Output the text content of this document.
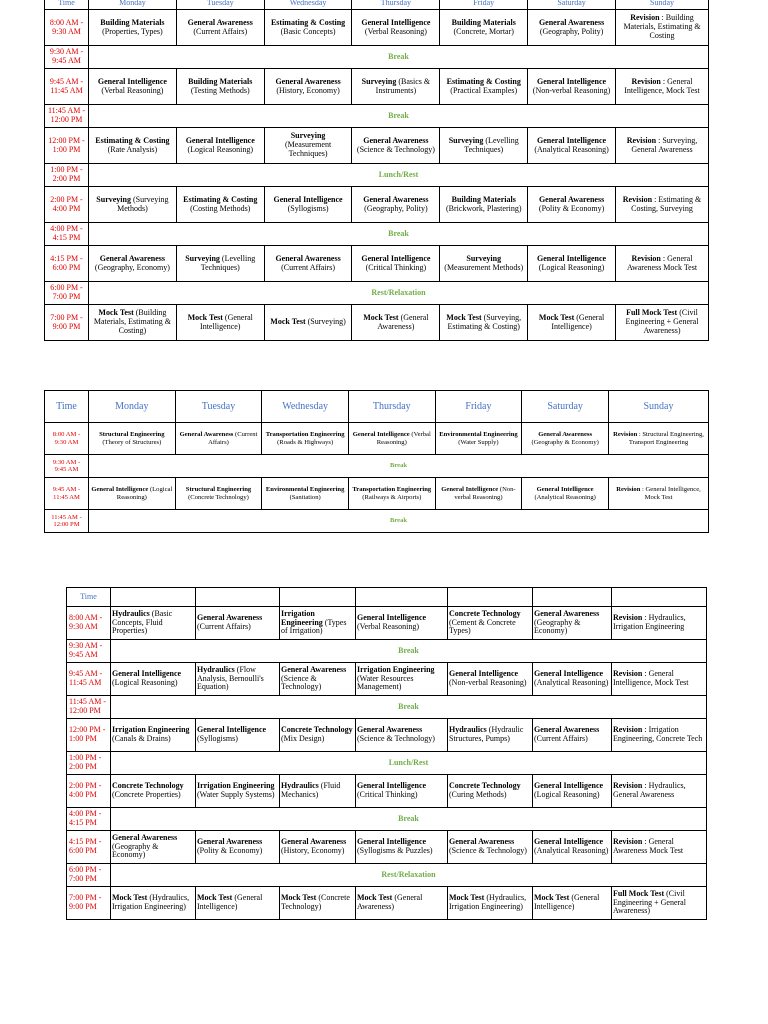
Time	Monday	Tuesday	Wednesday	Thursday	Friday	Saturday	Sunday
8:00 AM - 9:30 AM	Building Materials (Properties, Types)	General Awareness (Current Affairs)	Estimating & Costing (Basic Concepts)	General Intelligence (Verbal Reasoning)	Building Materials (Concrete, Mortar)	General Awareness (Geography, Polity)	Revision : Building Materials, Estimating & Costing
9:30 AM - 9:45 AM	Break						
9:45 AM - 11:45 AM	General Intelligence (Verbal Reasoning)	Building Materials (Testing Methods)	General Awareness (History, Economy)	Surveying (Basics & Instruments)	Estimating & Costing (Practical Examples)	General Intelligence (Non-verbal Reasoning)	Revision : General Intelligence, Mock Test
11:45 AM - 12:00 PM	Break						
12:00 PM - 1:00 PM	Estimating & Costing (Rate Analysis)	General Intelligence (Logical Reasoning)	Surveying (Measurement Techniques)	General Awareness (Science & Technology)	Surveying (Levelling Techniques)	General Intelligence (Analytical Reasoning)	Revision : Surveying, General Awareness
1:00 PM - 2:00 PM	Lunch/Rest						
2:00 PM - 4:00 PM	Surveying (Surveying Methods)	Estimating & Costing (Costing Methods)	General Intelligence (Syllogisms)	General Awareness (Geography, Polity)	Building Materials (Brickwork, Plastering)	General Awareness (Polity & Economy)	Revision : Estimating & Costing, Surveying
4:00 PM - 4:15 PM	Break						
4:15 PM - 6:00 PM	General Awareness (Geography, Economy)	Surveying (Levelling Techniques)	General Awareness (Current Affairs)	General Intelligence (Critical Thinking)	Surveying (Measurement Methods)	General Intelligence (Logical Reasoning)	Revision : General Awareness Mock Test
6:00 PM - 7:00 PM	Rest/Relaxation						
7:00 PM - 9:00 PM	Mock Test (Building Materials, Estimating & Costing)	Mock Test (General Intelligence)	Mock Test (Surveying)	Mock Test (General Awareness)	Mock Test (Surveying, Estimating & Costing)	Mock Test (General Intelligence)	Full Mock Test (Civil Engineering + General Awareness)
Time	Monday	Tuesday	Wednesday	Thursday	Friday	Saturday	Sunday
8:00 AM - 9:30 AM	Structural Engineering (Theory of Structures)	General Awareness (Current Affairs)	Transportation Engineering (Roads & Highways)	General Intelligence (Verbal Reasoning)	Environmental Engineering (Water Supply)	General Awareness (Geography & Economy)	Revision : Structural Engineering, Transport Engineering
9:30 AM - 9:45 AM	Break						
9:45 AM - 11:45 AM	General Intelligence (Logical Reasoning)	Structural Engineering (Concrete Technology)	Environmental Engineering (Sanitation)	Transportation Engineering (Railways & Airports)	General Intelligence (Non-verbal Reasoning)	General Intelligence (Analytical Reasoning)	Revision : General Intelligence, Mock Test
11:45 AM - 12:00 PM	Break						
Time							
8:00 AM - 9:30 AM	Hydraulics (Basic Concepts, Fluid Properties)	General Awareness (Current Affairs)	Irrigation Engineering (Types of Irrigation)	General Intelligence (Verbal Reasoning)	Concrete Technology (Cement & Concrete Types)	General Awareness (Geography & Economy)	Revision : Hydraulics, Irrigation Engineering
9:30 AM - 9:45 AM	Break						
9:45 AM - 11:45 AM	General Intelligence (Logical Reasoning)	Hydraulics (Flow Analysis, Bernoulli's Equation)	General Awareness (Science & Technology)	Irrigation Engineering (Water Resources Management)	General Intelligence (Non-verbal Reasoning)	General Intelligence (Analytical Reasoning)	Revision : General Intelligence, Mock Test
11:45 AM - 12:00 PM	Break						
12:00 PM - 1:00 PM	Irrigation Engineering (Canals & Drains)	General Intelligence (Syllogisms)	Concrete Technology (Mix Design)	General Awareness (Science & Technology)	Hydraulics (Hydraulic Structures, Pumps)	General Awareness (Current Affairs)	Revision : Irrigation Engineering, Concrete Tech
1:00 PM - 2:00 PM	Lunch/Rest						
2:00 PM - 4:00 PM	Concrete Technology (Concrete Properties)	Irrigation Engineering (Water Supply Systems)	Hydraulics (Fluid Mechanics)	General Intelligence (Critical Thinking)	Concrete Technology (Curing Methods)	General Intelligence (Logical Reasoning)	Revision : Hydraulics, General Awareness
4:00 PM - 4:15 PM	Break						
4:15 PM - 6:00 PM	General Awareness (Geography & Economy)	General Awareness (Polity & Economy)	General Awareness (History, Economy)	General Intelligence (Syllogisms & Puzzles)	General Awareness (Science & Technology)	General Intelligence (Analytical Reasoning)	Revision : General Awareness Mock Test
6:00 PM - 7:00 PM	Rest/Relaxation						
7:00 PM - 9:00 PM	Mock Test (Hydraulics, Irrigation Engineering)	Mock Test (General Intelligence)	Mock Test (Concrete Technology)	Mock Test (General Awareness)	Mock Test (Hydraulics, Irrigation Engineering)	Mock Test (General Intelligence)	Full Mock Test (Civil Engineering + General Awareness)
